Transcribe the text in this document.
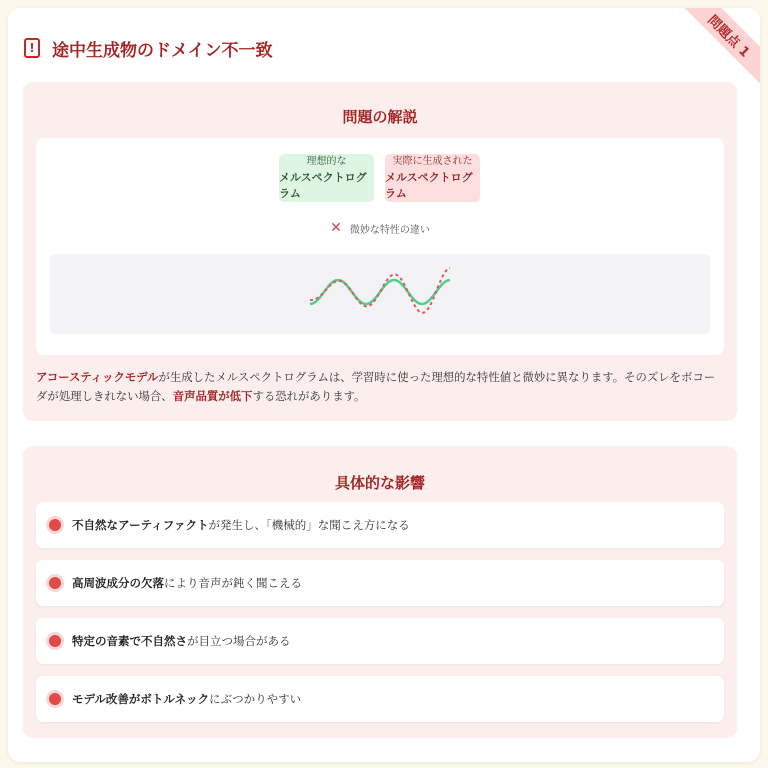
問題点 1
!	途中生成物のドメイン不一致
問題の解説
理想的な
メルスペクトログラム
実際に生成された
メルスペクトログラム
✕ 微妙な特性の違い
アコースティックモデルが生成したメルスペクトログラムは、学習時に使った理想的な特性値と微妙に異なります。そのズレをボコーダが処理しきれない場合、音声品質が低下する恐れがあります。
具体的な影響
不自然なアーティファクト が発生し、「機械的」な聞こえ方になる
高周波成分の欠落 により音声が鈍く聞こえる
特定の音素で不自然さ が目立つ場合がある
モデル改善がボトルネック にぶつかりやすい
